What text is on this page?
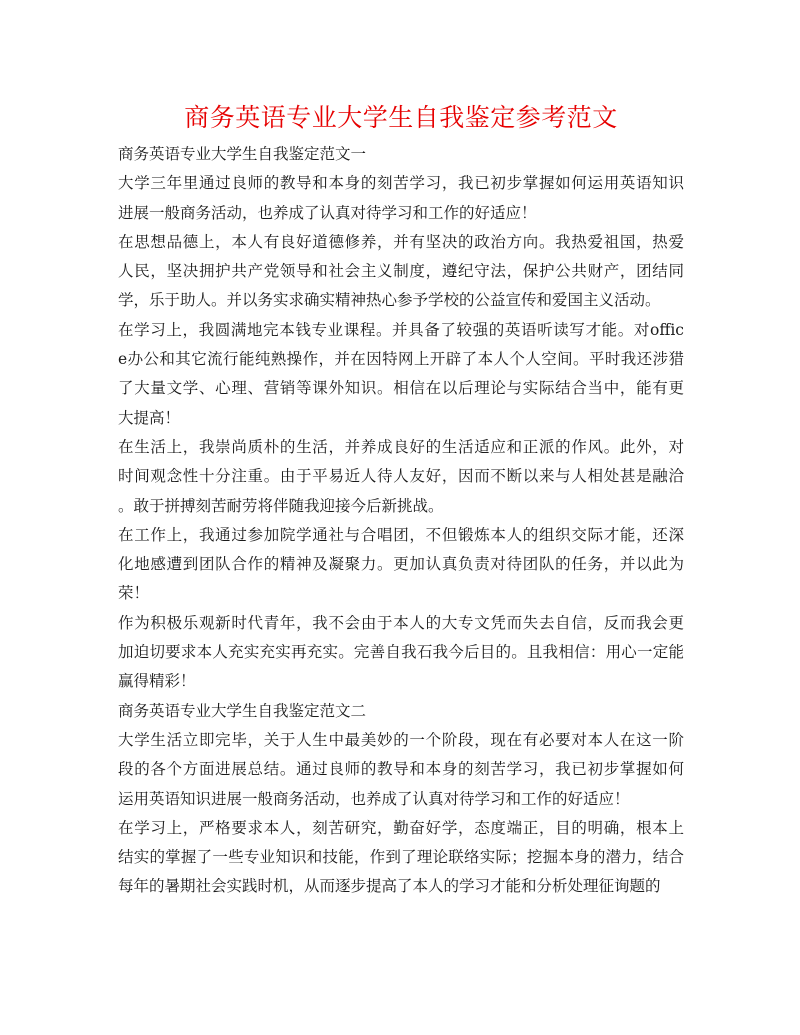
商务英语专业大学生自我鉴定参考范文
商务英语专业大学生自我鉴定范文一
大学三年里通过良师的教导和本身的刻苦学习，我已初步掌握如何运用英语知识
进展一般商务活动，也养成了认真对待学习和工作的好适应！
在思想品德上，本人有良好道德修养，并有坚决的政治方向。我热爱祖国，热爱
人民，坚决拥护共产党领导和社会主义制度，遵纪守法，保护公共财产，团结同
学，乐于助人。并以务实求确实精神热心参予学校的公益宣传和爱国主义活动。
在学习上，我圆满地完本钱专业课程。并具备了较强的英语听读写才能。对offic
e办公和其它流行能纯熟操作，并在因特网上开辟了本人个人空间。平时我还涉猎
了大量文学、心理、营销等课外知识。相信在以后理论与实际结合当中，能有更
大提高！
在生活上，我崇尚质朴的生活，并养成良好的生活适应和正派的作风。此外，对
时间观念性十分注重。由于平易近人待人友好，因而不断以来与人相处甚是融洽
。敢于拼搏刻苦耐劳将伴随我迎接今后新挑战。
在工作上，我通过参加院学通社与合唱团，不但锻炼本人的组织交际才能，还深
化地感遭到团队合作的精神及凝聚力。更加认真负责对待团队的任务，并以此为
荣！
作为积极乐观新时代青年，我不会由于本人的大专文凭而失去自信，反而我会更
加迫切要求本人充实充实再充实。完善自我石我今后目的。且我相信：用心一定能
赢得精彩！
商务英语专业大学生自我鉴定范文二
大学生活立即完毕，关于人生中最美妙的一个阶段，现在有必要对本人在这一阶
段的各个方面进展总结。通过良师的教导和本身的刻苦学习，我已初步掌握如何
运用英语知识进展一般商务活动，也养成了认真对待学习和工作的好适应！
在学习上，严格要求本人，刻苦研究，勤奋好学，态度端正，目的明确，根本上
结实的掌握了一些专业知识和技能，作到了理论联络实际；挖掘本身的潜力，结合
每年的暑期社会实践时机，从而逐步提高了本人的学习才能和分析处理征询题的
